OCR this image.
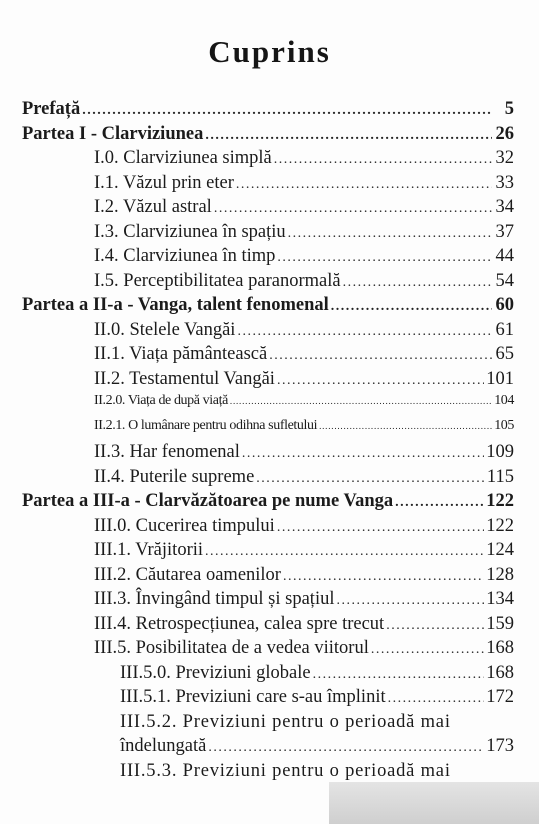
Cuprins
Prefață .....	5
Partea I - Clarviziunea .....	26
I.0. Clarviziunea simplă .....	32
I.1. Văzul prin eter .....	33
I.2. Văzul astral .....	34
I.3. Clarviziunea în spațiu .....	37
I.4. Clarviziunea în timp .....	44
I.5. Perceptibilitatea paranormală .....	54
Partea a II-a - Vanga, talent fenomenal .....	60
II.0. Stelele Vangăi .....	61
II.1. Viața pământească .....	65
II.2. Testamentul Vangăi .....	101
II.2.0. Viața de după viață .....	104
II.2.1. O lumânare pentru odihna sufletului .....	105
II.3. Har fenomenal .....	109
II.4. Puterile supreme .....	115
Partea a III-a - Clarvăzătoarea pe nume Vanga .....	122
III.0. Cucerirea timpului .....	122
III.1. Vrăjitorii .....	124
III.2. Căutarea oamenilor .....	128
III.3. Învingând timpul și spațiul .....	134
III.4. Retrospecțiunea, calea spre trecut .....	159
III.5. Posibilitatea de a vedea viitorul .....	168
III.5.0. Previziuni globale .....	168
III.5.1. Previziuni care s-au împlinit .....	172
III.5.2. Previziuni pentru o perioadă mai
îndelungată .....	173
III.5.3. Previziuni pentru o perioadă mai
